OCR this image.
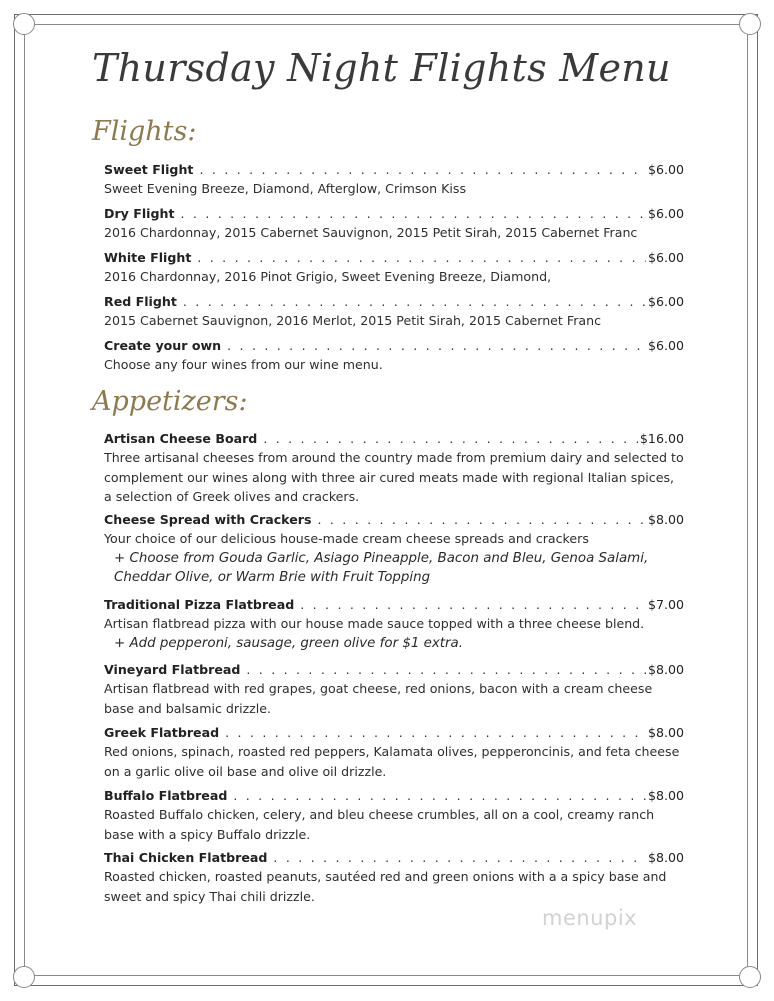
Thursday Night Flights Menu
Flights:
Sweet Flight . . .	$6.00
Sweet Evening Breeze, Diamond, Afterglow, Crimson Kiss
Dry Flight . . .	$6.00
2016 Chardonnay, 2015 Cabernet Sauvignon, 2015 Petit Sirah, 2015 Cabernet Franc
White Flight . . .	$6.00
2016 Chardonnay, 2016 Pinot Grigio, Sweet Evening Breeze, Diamond,
Red Flight . . .	$6.00
2015 Cabernet Sauvignon, 2016 Merlot, 2015 Petit Sirah, 2015 Cabernet Franc
Create your own . . .	$6.00
Choose any four wines from our wine menu.
Appetizers:
Artisan Cheese Board . . .	$16.00
Three artisanal cheeses from around the country made from premium dairy and selected to complement our wines along with three air cured meats made with regional Italian spices, a selection of Greek olives and crackers.
Cheese Spread with Crackers . . .	$8.00
Your choice of our delicious house-made cream cheese spreads and crackers
+ Choose from Gouda Garlic, Asiago Pineapple, Bacon and Bleu, Genoa Salami, Cheddar Olive, or Warm Brie with Fruit Topping
Traditional Pizza Flatbread . . .	$7.00
Artisan flatbread pizza with our house made sauce topped with a three cheese blend.
+ Add pepperoni, sausage, green olive for $1 extra.
Vineyard Flatbread . . .	$8.00
Artisan flatbread with red grapes, goat cheese, red onions, bacon with a cream cheese base and balsamic drizzle.
Greek Flatbread . . .	$8.00
Red onions, spinach, roasted red peppers, Kalamata olives, pepperoncinis, and feta cheese on a garlic olive oil base and olive oil drizzle.
Buffalo Flatbread . . .	$8.00
Roasted Buffalo chicken, celery, and bleu cheese crumbles, all on a cool, creamy ranch base with a spicy Buffalo drizzle.
Thai Chicken Flatbread . . .	$8.00
Roasted chicken, roasted peanuts, sautéed red and green onions with a a spicy base and sweet and spicy Thai chili drizzle.
menupix
